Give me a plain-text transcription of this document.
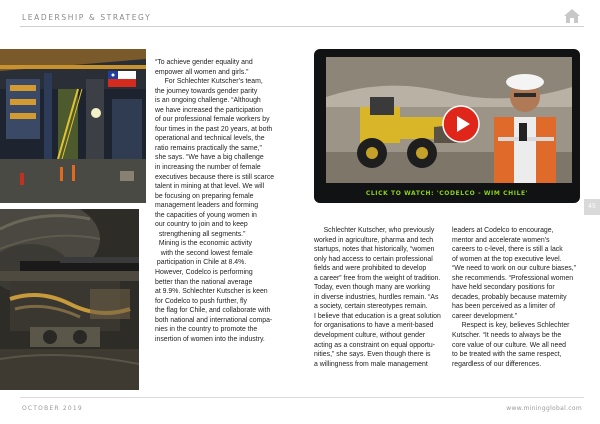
LEADERSHIP & STRATEGY
4 4
“To achieve gender equality and
empower all women and girls.”
For Schlechter Kutscher’s team,
the journey towards gender parity
is an ongoing challenge. “Although
we have increased the participation
of our professional female workers by
four times in the past 20 years, at both
operational and technical levels, the
ratio remains practically the same,”
she says. “We have a big challenge
in increasing the number of female
executives because there is still scarce
talent in mining at that level. We will
be focusing on preparing female
management leaders and forming
the capacities of young women in
our country to join and to keep
strengthening all segments.”
Mining is the economic activity
with the second lowest female
participation in Chile at 8.4%.
However, Codelco is performing
better than the national average
at 9.9%. Schlechter Kutscher is keen
for Codelco to push further, fly
the flag for Chile, and collaborate with
both national and international compa-
nies in the country to promote the
insertion of women into the industry.
CLICK TO WATCH: 'CODELCO - WIM CHILE'
Schlechter Kutscher, who previously
worked in agriculture, pharma and tech
startups, notes that historically, “women
only had access to certain professional
fields and were prohibited to develop
a career” free from the weight of tradition.
Today, even though many are working
in diverse industries, hurdles remain. “As
a society, certain stereotypes remain.
I believe that education is a great solution
for organisations to have a merit-based
development culture, without gender
acting as a constraint on equal opportu-
nities,” she says. Even though there is
a willingness from male management
leaders at Codelco to encourage,
mentor and accelerate women’s
careers to c-level, there is still a lack
of women at the top executive level.
“We need to work on our culture biases,”
she recommends. “Professional women
have held secondary positions for
decades, probably because maternity
has been perceived as a limiter of
career development.”
Respect is key, believes Schlechter
Kutscher. “It needs to always be the
core value of our culture. We all need
to be treated with the same respect,
regardless of our differences.
45
OCTOBER 2019	www.miningglobal.com
